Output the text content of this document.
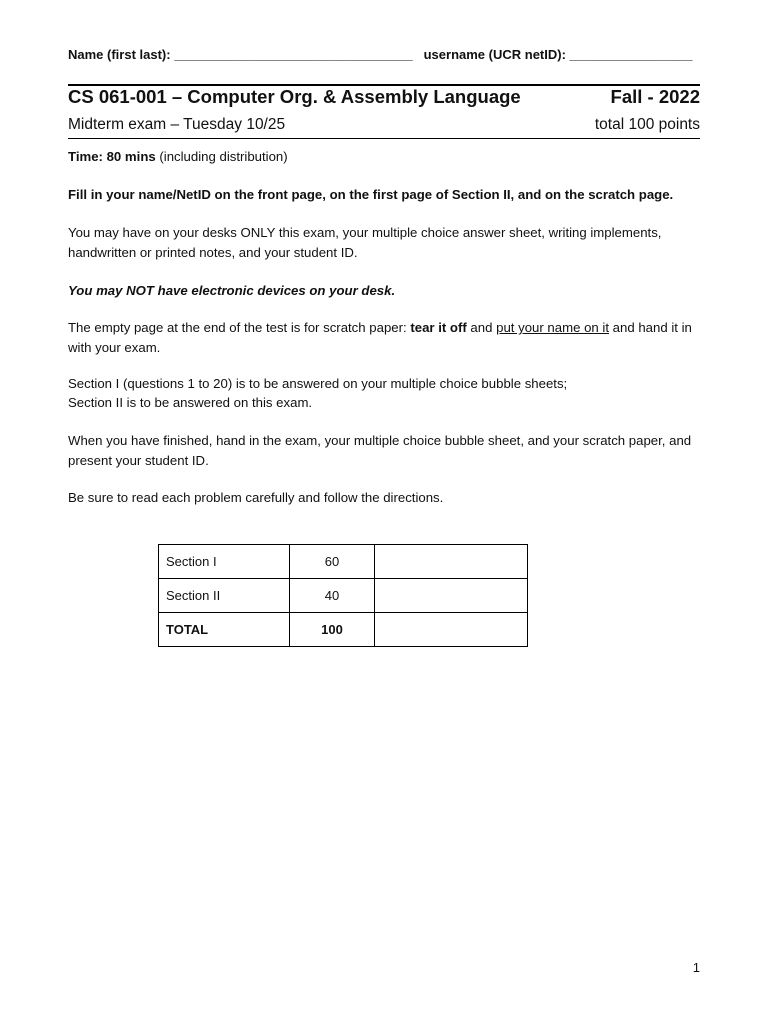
Name (first last): _________________________________   username (UCR netID): _________________
CS 061-001 – Computer Org. & Assembly Language	Fall - 2022
Midterm exam – Tuesday 10/25	total 100 points
Time: 80 mins (including distribution)
Fill in your name/NetID on the front page, on the first page of Section II, and on the scratch page.
You may have on your desks ONLY this exam, your multiple choice answer sheet, writing implements, handwritten or printed notes, and your student ID.
You may NOT have electronic devices on your desk.
The empty page at the end of the test is for scratch paper: tear it off and put your name on it and hand it in with your exam.
Section I (questions 1 to 20) is to be answered on your multiple choice bubble sheets;
Section II is to be answered on this exam.
When you have finished, hand in the exam, your multiple choice bubble sheet, and your scratch paper, and present your student ID.
Be sure to read each problem carefully and follow the directions.
Section I	60	
Section II	40	
TOTAL	100	
1
